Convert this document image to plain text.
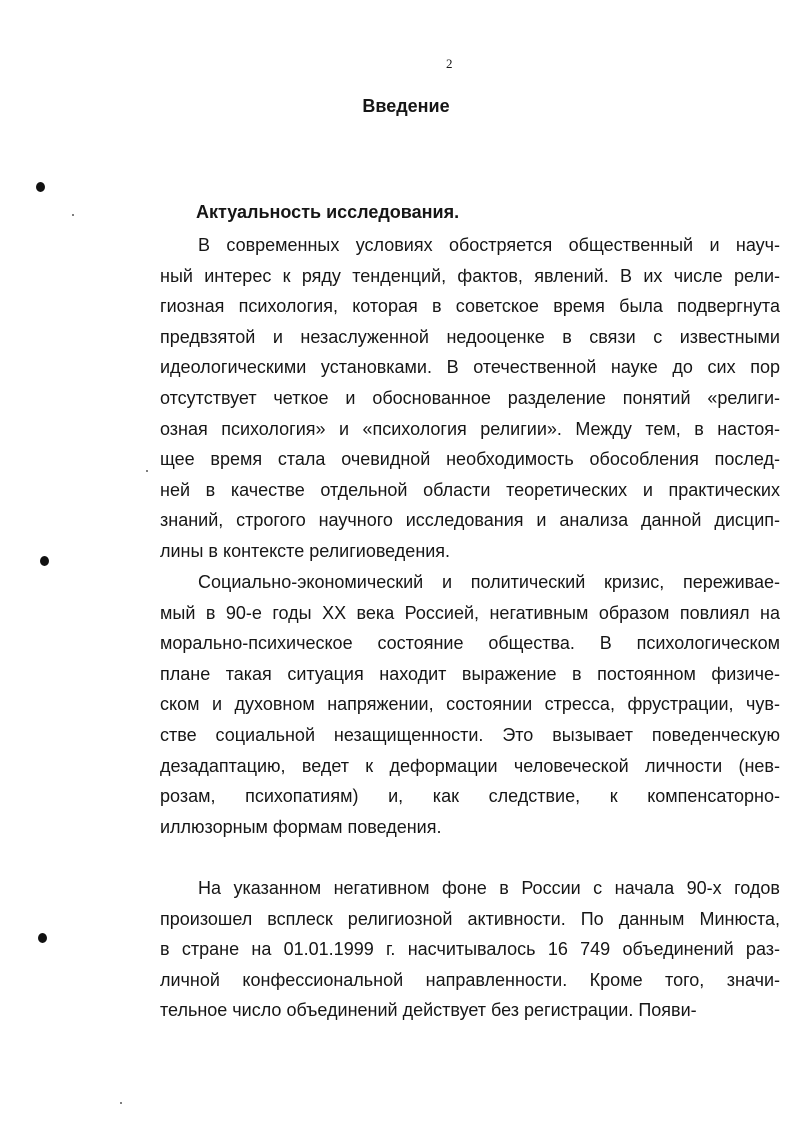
2
Введение
Актуальность исследования.
В современных условиях обостряется общественный и науч-
ный интерес к ряду тенденций, фактов, явлений. В их числе рели-
гиозная психология, которая в советское время была подвергнута
предвзятой и незаслуженной недооценке в связи с известными
идеологическими установками. В отечественной науке до сих пор
отсутствует четкое и обоснованное разделение понятий «религи-
озная психология» и «психология религии». Между тем, в настоя-
щее время стала очевидной необходимость обособления послед-
ней в качестве отдельной области теоретических и практических
знаний, строгого научного исследования и анализа данной дисцип-
лины в контексте религиоведения.
Социально-экономический и политический кризис, переживае-
мый в 90-е годы XX века Россией, негативным образом повлиял на
морально-психическое состояние общества. В психологическом
плане такая ситуация находит выражение в постоянном физиче-
ском и духовном напряжении, состоянии стресса, фрустрации, чув-
стве социальной незащищенности. Это вызывает поведенческую
дезадаптацию, ведет к деформации человеческой личности (нев-
розам, психопатиям) и, как следствие, к компенсаторно-
иллюзорным формам поведения.
На указанном негативном фоне в России с начала 90-х годов
произошел всплеск религиозной активности. По данным Минюста,
в стране на 01.01.1999 г. насчитывалось 16 749 объединений раз-
личной конфессиональной направленности. Кроме того, значи-
тельное число объединений действует без регистрации. Появи-
